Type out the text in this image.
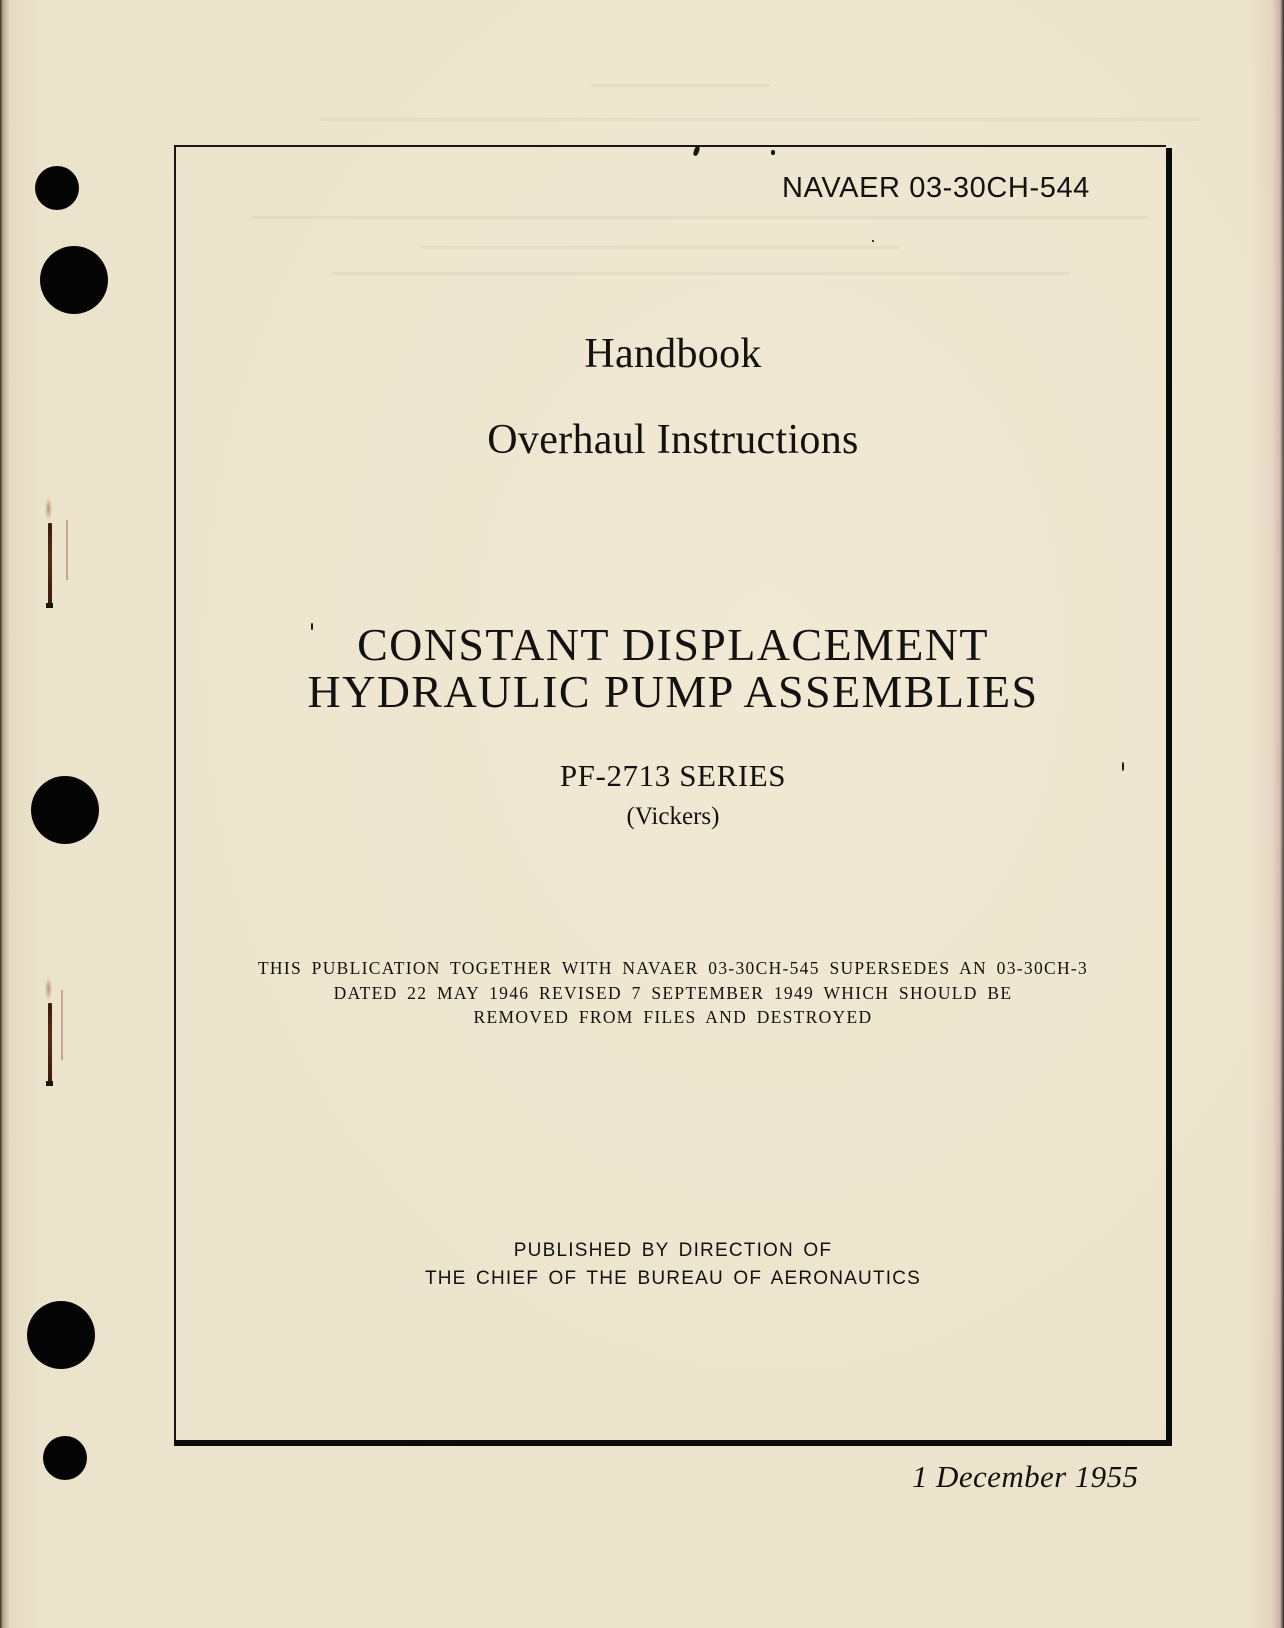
NAVAER 03-30CH-544

Handbook

Overhaul Instructions

CONSTANT DISPLACEMENT

HYDRAULIC PUMP ASSEMBLIES

PF-2713 SERIES

(Vickers)

THIS PUBLICATION TOGETHER WITH NAVAER 03-30CH-545 SUPERSEDES AN 03-30CH-3

DATED 22 MAY 1946 REVISED 7 SEPTEMBER 1949 WHICH SHOULD BE

REMOVED FROM FILES AND DESTROYED

PUBLISHED BY DIRECTION OF

THE CHIEF OF THE BUREAU OF AERONAUTICS

1 December 1955
